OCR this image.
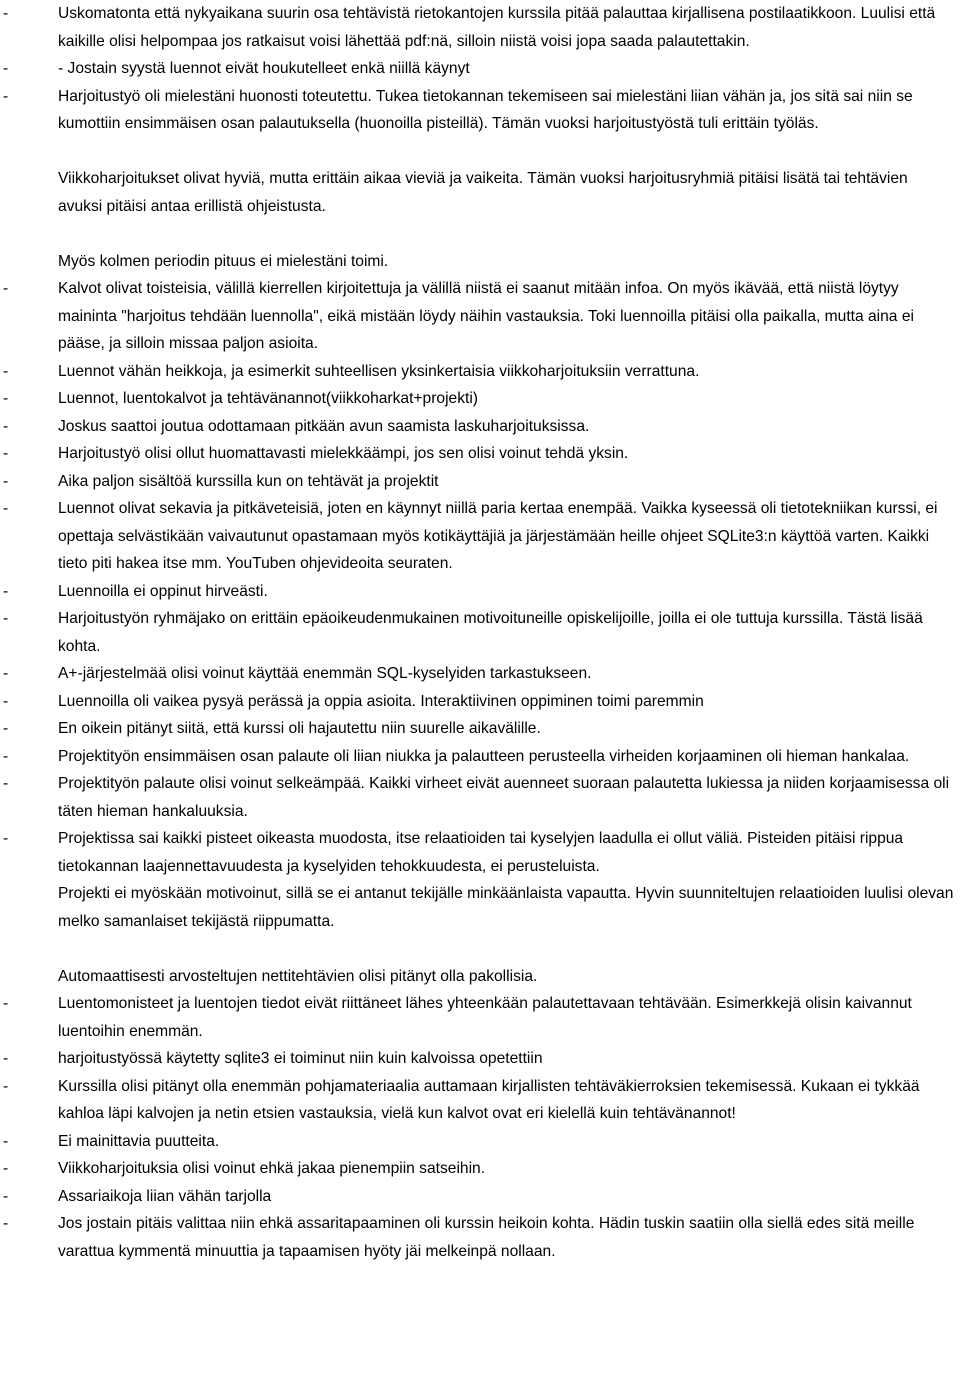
-	Uskomatonta että nykyaikana suurin osa tehtävistä rietokantojen kurssila pitää palauttaa kirjallisena postilaatikkoon. Luulisi että kaikille olisi helpompaa jos ratkaisut voisi lähettää pdf:nä, silloin niistä voisi jopa saada palautettakin.
-	- Jostain syystä luennot eivät houkutelleet enkä niillä käynyt
-	Harjoitustyö oli mielestäni huonosti toteutettu. Tukea tietokannan tekemiseen sai mielestäni liian vähän ja, jos sitä sai niin se kumottiin ensimmäisen osan palautuksella (huonoilla pisteillä). Tämän vuoksi harjoitustyöstä tuli erittäin työläs.
Viikkoharjoitukset olivat hyviä, mutta erittäin aikaa vieviä ja vaikeita. Tämän vuoksi harjoitusryhmiä pitäisi lisätä tai tehtävien avuksi pitäisi antaa erillistä ohjeistusta.
Myös kolmen periodin pituus ei mielestäni toimi.
-	Kalvot olivat toisteisia, välillä kierrellen kirjoitettuja ja välillä niistä ei saanut mitään infoa. On myös ikävää, että niistä löytyy maininta "harjoitus tehdään luennolla", eikä mistään löydy näihin vastauksia. Toki luennoilla pitäisi olla paikalla, mutta aina ei pääse, ja silloin missaa paljon asioita.
-	Luennot vähän heikkoja, ja esimerkit suhteellisen yksinkertaisia viikkoharjoituksiin verrattuna.
-	Luennot, luentokalvot ja tehtävänannot(viikkoharkat+projekti)
-	Joskus saattoi joutua odottamaan pitkään avun saamista laskuharjoituksissa.
-	Harjoitustyö olisi ollut huomattavasti mielekkäämpi, jos sen olisi voinut tehdä yksin.
-	Aika paljon sisältöä kurssilla kun on tehtävät ja projektit
-	Luennot olivat sekavia ja pitkäveteisiä, joten en käynnyt niillä paria kertaa enempää. Vaikka kyseessä oli tietotekniikan kurssi, ei opettaja selvästikään vaivautunut opastamaan myös kotikäyttäjiä ja järjestämään heille ohjeet SQLite3:n käyttöä varten. Kaikki tieto piti hakea itse mm. YouTuben ohjevideoita seuraten.
-	Luennoilla ei oppinut hirveästi.
-	Harjoitustyön ryhmäjako on erittäin epäoikeudenmukainen motivoituneille opiskelijoille, joilla ei ole tuttuja kurssilla. Tästä lisää kohta.
-	A+-järjestelmää olisi voinut käyttää enemmän SQL-kyselyiden tarkastukseen.
-	Luennoilla oli vaikea pysyä perässä ja oppia asioita. Interaktiivinen oppiminen toimi paremmin
-	En oikein pitänyt siitä, että kurssi oli hajautettu niin suurelle aikavälille.
-	Projektityön ensimmäisen osan palaute oli liian niukka ja palautteen perusteella virheiden korjaaminen oli hieman hankalaa.
-	Projektityön palaute olisi voinut selkeämpää. Kaikki virheet eivät auenneet suoraan palautetta lukiessa ja niiden korjaamisessa oli täten hieman hankaluuksia.
-	Projektissa sai kaikki pisteet oikeasta muodosta, itse relaatioiden tai kyselyjen laadulla ei ollut väliä. Pisteiden pitäisi rippua tietokannan laajennettavuudesta ja kyselyiden tehokkuudesta, ei perusteluista.
Projekti ei myöskään motivoinut, sillä se ei antanut tekijälle minkäänlaista vapautta. Hyvin suunniteltujen relaatioiden luulisi olevan melko samanlaiset tekijästä riippumatta.
Automaattisesti arvosteltujen nettitehtävien olisi pitänyt olla pakollisia.
-	Luentomonisteet ja luentojen tiedot eivät riittäneet lähes yhteenkään palautettavaan tehtävään. Esimerkkejä olisin kaivannut luentoihin enemmän.
-	harjoitustyössä käytetty sqlite3 ei toiminut niin kuin kalvoissa opetettiin
-	Kurssilla olisi pitänyt olla enemmän pohjamateriaalia auttamaan kirjallisten tehtäväkierroksien tekemisessä. Kukaan ei tykkää kahloa läpi kalvojen ja netin etsien vastauksia, vielä kun kalvot ovat eri kielellä kuin tehtävänannot!
-	Ei mainittavia puutteita.
-	Viikkoharjoituksia olisi voinut ehkä jakaa pienempiin satseihin.
-	Assariaikoja liian vähän tarjolla
-	Jos jostain pitäis valittaa niin ehkä assaritapaaminen oli kurssin heikoin kohta. Hädin tuskin saatiin olla siellä edes sitä meille varattua kymmentä minuuttia ja tapaamisen hyöty jäi melkeinpä nollaan.
